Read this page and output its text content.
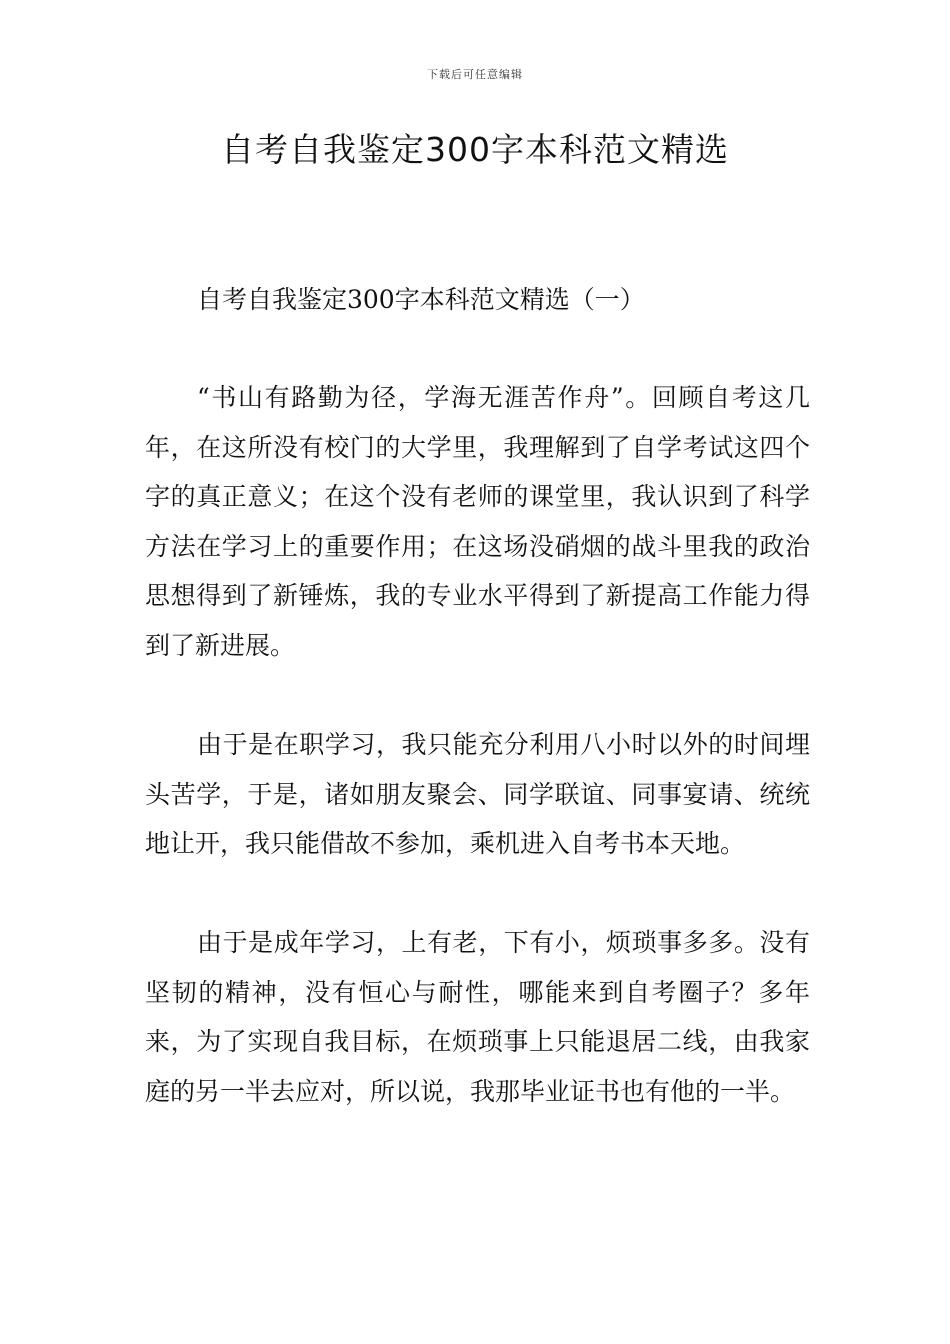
下载后可任意编辑
自考自我鉴定300字本科范文精选

自考自我鉴定300字本科范文精选（一）

“书山有路勤为径，学海无涯苦作舟”。回顾自考这几年，在这所没有校门的大学里，我理解到了自学考试这四个字的真正意义；在这个没有老师的课堂里，我认识到了科学方法在学习上的重要作用；在这场没硝烟的战斗里我的政治思想得到了新锤炼，我的专业水平得到了新提高工作能力得到了新进展。

由于是在职学习，我只能充分利用八小时以外的时间埋头苦学，于是，诸如朋友聚会、同学联谊、同事宴请、统统地让开，我只能借故不参加，乘机进入自考书本天地。

由于是成年学习，上有老，下有小，烦琐事多多。没有坚韧的精神，没有恒心与耐性，哪能来到自考圈子？多年来，为了实现自我目标，在烦琐事上只能退居二线，由我家庭的另一半去应对，所以说，我那毕业证书也有他的一半。
